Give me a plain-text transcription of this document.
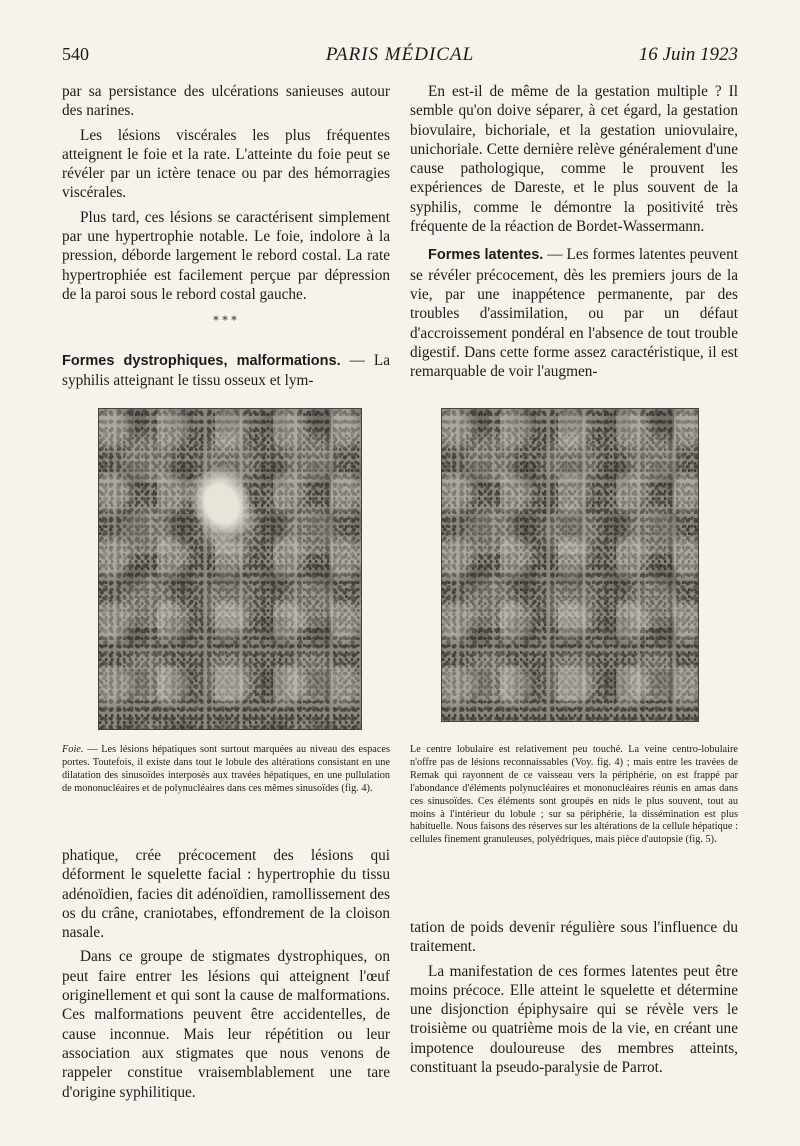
540	PARIS MÉDICAL	16 Juin 1923

par sa persistance des ulcérations sanieuses autour des narines.

Les lésions viscérales les plus fréquentes atteignent le foie et la rate. L'atteinte du foie peut se révéler par un ictère tenace ou par des hémorragies viscérales.

Plus tard, ces lésions se caractérisent simplement par une hypertrophie notable. Le foie, indolore à la pression, déborde largement le rebord costal. La rate hypertrophiée est facilement perçue par dépression de la paroi sous le rebord costal gauche.

* * *

Formes dystrophiques, malformations. — La syphilis atteignant le tissu osseux et lym-

En est-il de même de la gestation multiple ? Il semble qu'on doive séparer, à cet égard, la gestation biovulaire, bichoriale, et la gestation uniovulaire, unichoriale. Cette dernière relève généralement d'une cause pathologique, comme le prouvent les expériences de Dareste, et le plus souvent de la syphilis, comme le démontre la positivité très fréquente de la réaction de Bordet-Wassermann.

Formes latentes. — Les formes latentes peuvent se révéler précocement, dès les premiers jours de la vie, par une inappétence permanente, par des troubles d'assimilation, ou par un défaut d'accroissement pondéral en l'absence de tout trouble digestif. Dans cette forme assez caractéristique, il est remarquable de voir l'augmen-

Foie. — Les lésions hépatiques sont surtout marquées au niveau des espaces portes. Toutefois, il existe dans tout le lobule des altérations consistant en une dilatation des sinusoïdes interposés aux travées hépatiques, en une pullulation de mononucléaires et de polynucléaires dans ces mêmes sinusoïdes (fig. 4).
Le centre lobulaire est relativement peu touché. La veine centro-lobulaire n'offre pas de lésions reconnaissables (Voy. fig. 4) ; mais entre les travées de Remak qui rayonnent de ce vaisseau vers la périphérie, on est frappé par l'abondance d'éléments polynucléaires et mononucléaires réunis en amas dans ces sinusoïdes. Ces éléments sont groupés en nids le plus souvent, tout au moins à l'intérieur du lobule ; sur sa périphérie, la dissémination est plus habituelle. Nous faisons des réserves sur les altérations de la cellule hépatique : cellules finement granuleuses, polyédriques, mais pièce d'autopsie (fig. 5).

phatique, crée précocement des lésions qui déforment le squelette facial : hypertrophie du tissu adénoïdien, facies dit adénoïdien, ramollissement des os du crâne, craniotabes, effondrement de la cloison nasale.

Dans ce groupe de stigmates dystrophiques, on peut faire entrer les lésions qui atteignent l'œuf originellement et qui sont la cause de malformations. Ces malformations peuvent être accidentelles, de cause inconnue. Mais leur répétition ou leur association aux stigmates que nous venons de rappeler constitue vraisemblablement une tare d'origine syphilitique.

tation de poids devenir régulière sous l'influence du traitement.

La manifestation de ces formes latentes peut être moins précoce. Elle atteint le squelette et détermine une disjonction épiphysaire qui se révèle vers le troisième ou quatrième mois de la vie, en créant une impotence douloureuse des membres atteints, constituant la pseudo-paralysie de Parrot.
